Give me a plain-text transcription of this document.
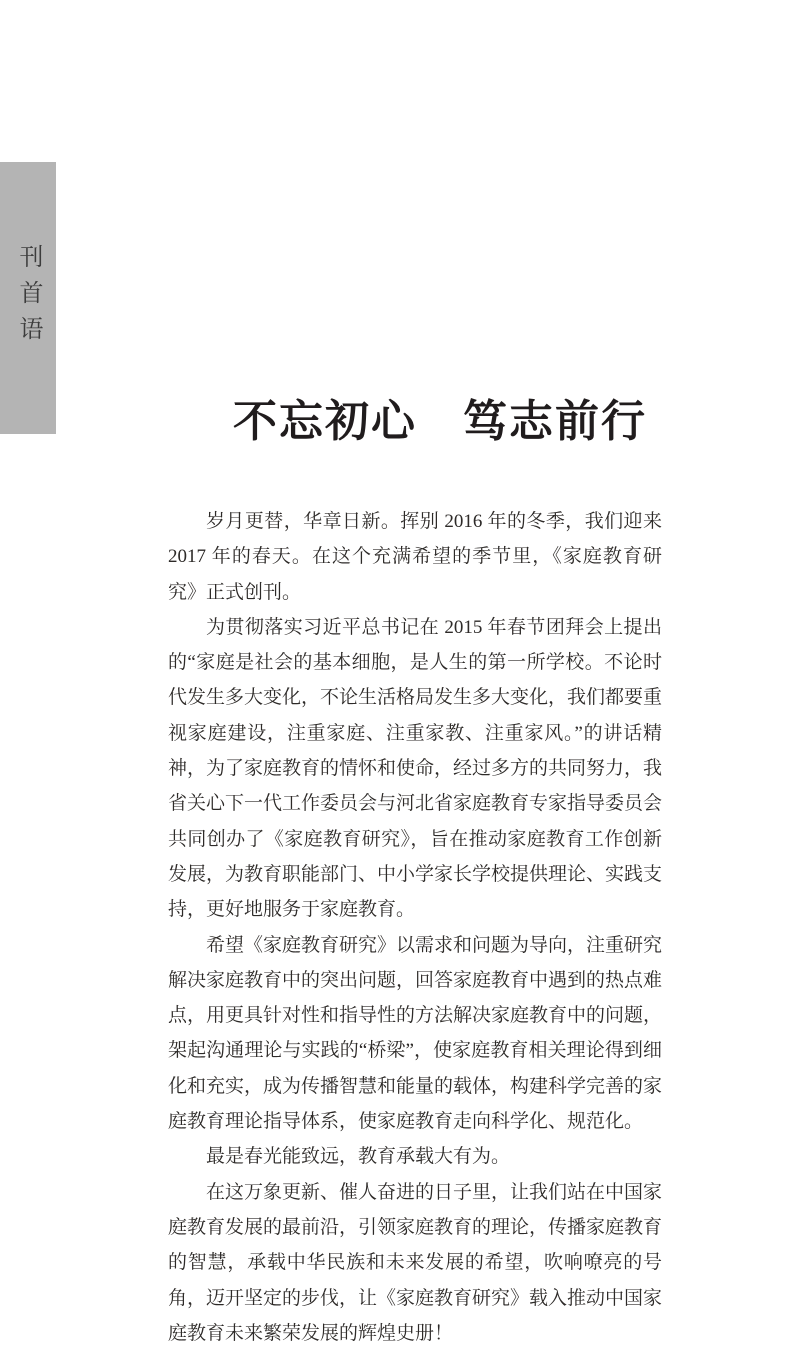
刊首语
不忘初心　笃志前行

岁月更替，华章日新。挥别 2016 年的冬季，我们迎来 2017 年的春天。在这个充满希望的季节里，《家庭教育研究》正式创刊。

为贯彻落实习近平总书记在 2015 年春节团拜会上提出的“家庭是社会的基本细胞，是人生的第一所学校。不论时代发生多大变化，不论生活格局发生多大变化，我们都要重视家庭建设，注重家庭、注重家教、注重家风。”的讲话精神，为了家庭教育的情怀和使命，经过多方的共同努力，我省关心下一代工作委员会与河北省家庭教育专家指导委员会共同创办了《家庭教育研究》，旨在推动家庭教育工作创新发展，为教育职能部门、中小学家长学校提供理论、实践支持，更好地服务于家庭教育。

希望《家庭教育研究》以需求和问题为导向，注重研究解决家庭教育中的突出问题，回答家庭教育中遇到的热点难点，用更具针对性和指导性的方法解决家庭教育中的问题，架起沟通理论与实践的“桥梁”，使家庭教育相关理论得到细化和充实，成为传播智慧和能量的载体，构建科学完善的家庭教育理论指导体系，使家庭教育走向科学化、规范化。

最是春光能致远，教育承载大有为。

在这万象更新、催人奋进的日子里，让我们站在中国家庭教育发展的最前沿，引领家庭教育的理论，传播家庭教育的智慧，承载中华民族和未来发展的希望，吹响嘹亮的号角，迈开坚定的步伐，让《家庭教育研究》载入推动中国家庭教育未来繁荣发展的辉煌史册！
